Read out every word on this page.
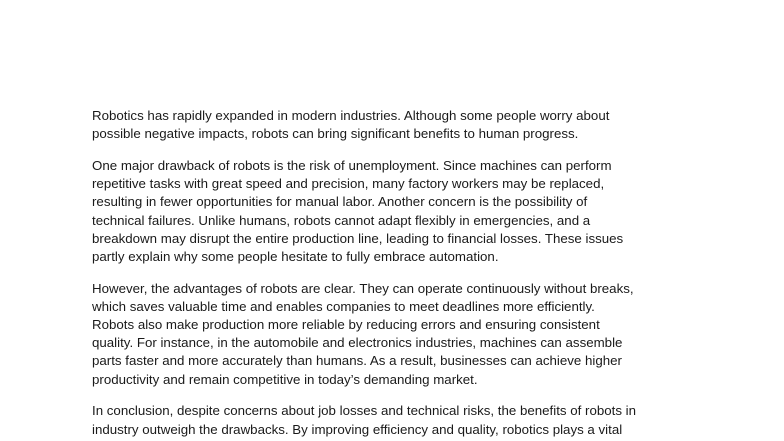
Robotics has rapidly expanded in modern industries. Although some people worry about
possible negative impacts, robots can bring significant benefits to human progress.

One major drawback of robots is the risk of unemployment. Since machines can perform
repetitive tasks with great speed and precision, many factory workers may be replaced,
resulting in fewer opportunities for manual labor. Another concern is the possibility of
technical failures. Unlike humans, robots cannot adapt flexibly in emergencies, and a
breakdown may disrupt the entire production line, leading to financial losses. These issues
partly explain why some people hesitate to fully embrace automation.

However, the advantages of robots are clear. They can operate continuously without breaks,
which saves valuable time and enables companies to meet deadlines more efficiently.
Robots also make production more reliable by reducing errors and ensuring consistent
quality. For instance, in the automobile and electronics industries, machines can assemble
parts faster and more accurately than humans. As a result, businesses can achieve higher
productivity and remain competitive in today’s demanding market.

In conclusion, despite concerns about job losses and technical risks, the benefits of robots in
industry outweigh the drawbacks. By improving efficiency and quality, robotics plays a vital
